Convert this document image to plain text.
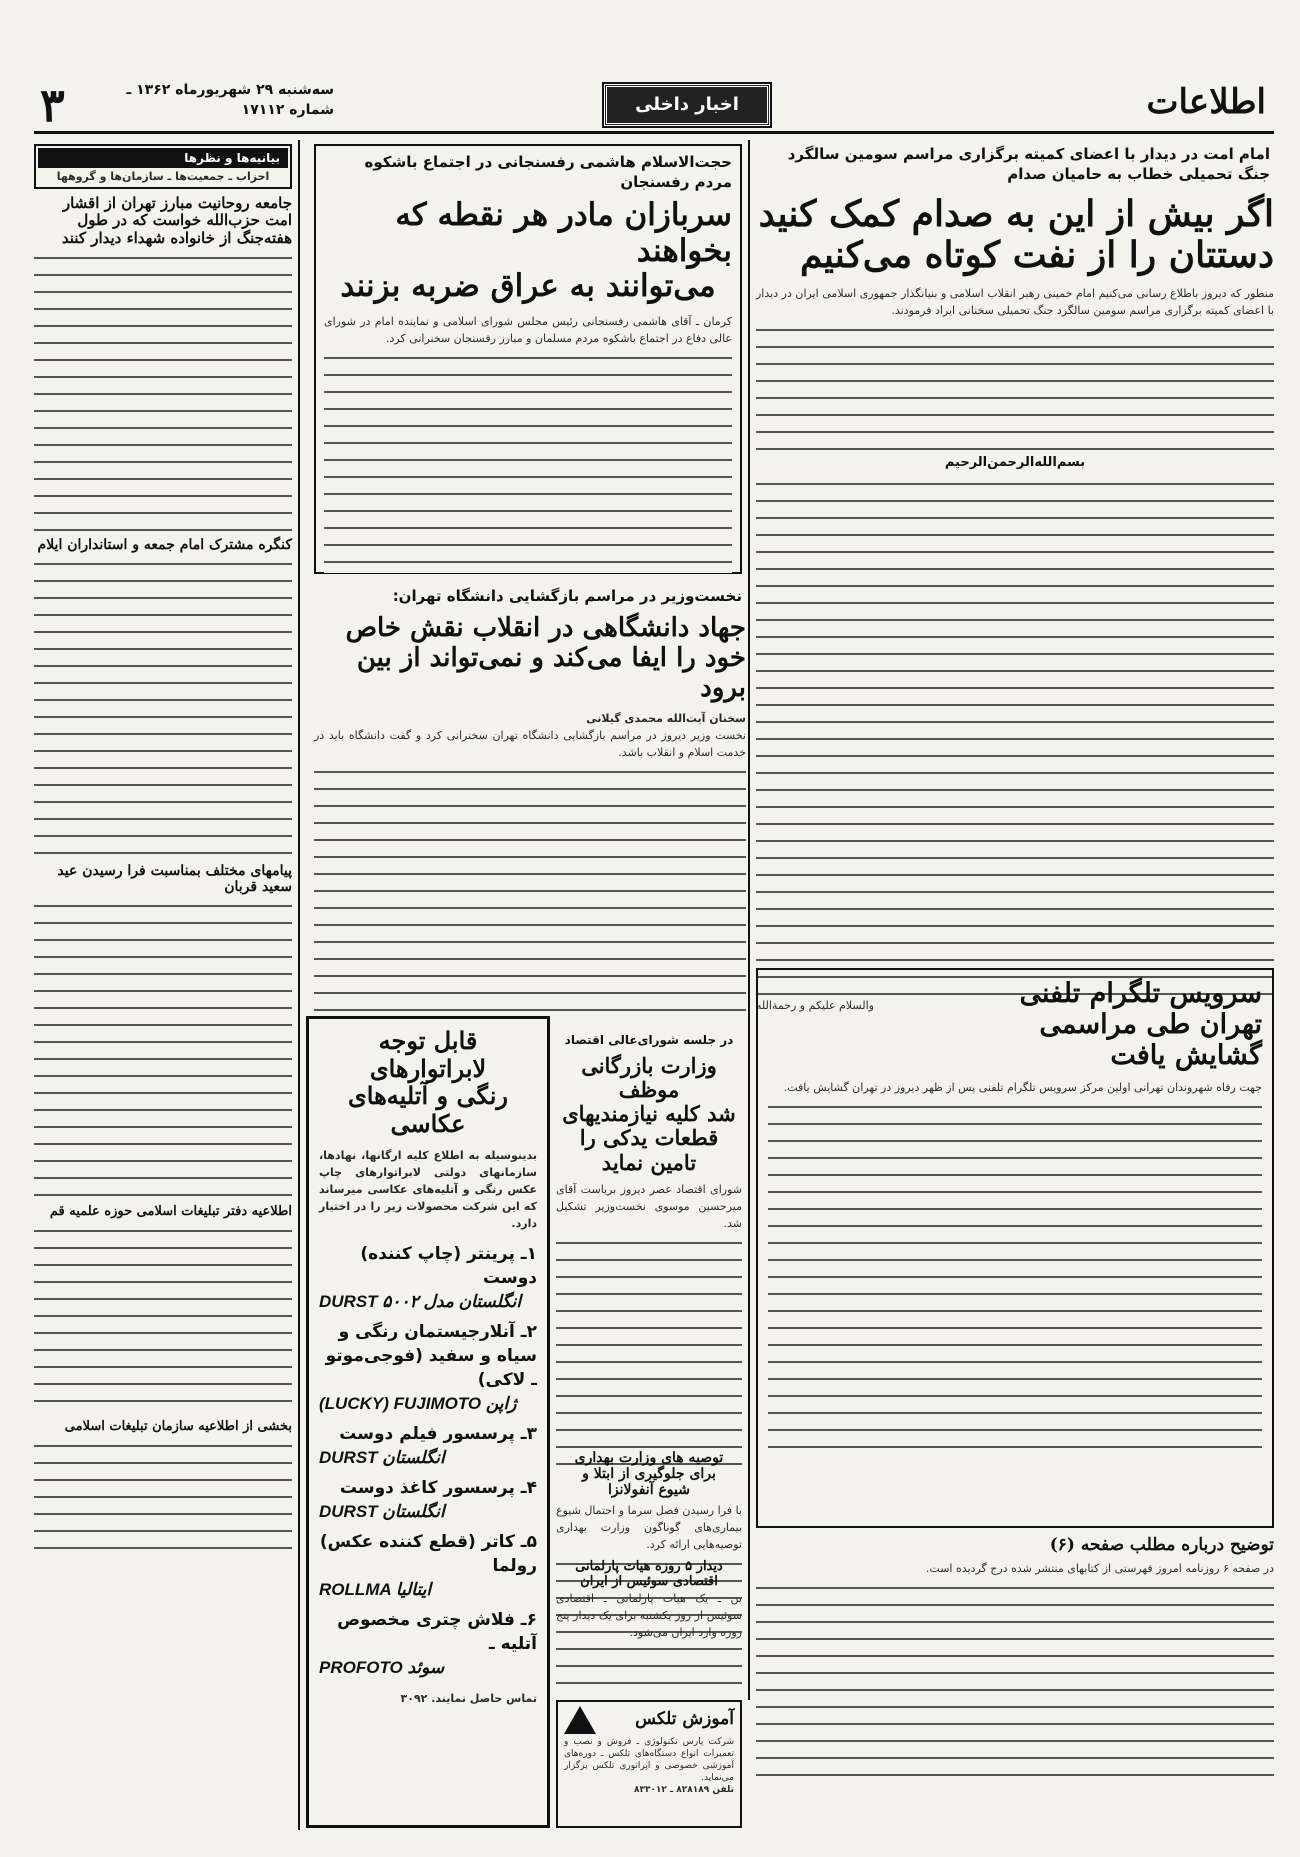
اطلاعات
اخبار داخلی
سه‌شنبه ۲۹ شهریورماه ۱۳۶۲ ـ شماره ۱۷۱۱۲
۳
امام امت در دیدار با اعضای کمیته برگزاری مراسم سومین سالگرد جنگ تحمیلی خطاب به حامیان صدام
اگر بیش از این به صدام کمک کنید
دستتان را از نفت کوتاه می‌کنیم
منطور که دیروز باطلاع رسانی می‌کنیم امام خمینی رهبر انقلاب اسلامی و بنیانگذار جمهوری اسلامی ایران در دیدار با اعضای کمیته برگزاری مراسم سومین سالگرد جنگ تحمیلی سخنانی ایراد فرمودند.
بسم‌الله‌الرحمن‌الرحیم
والسلام علیکم و رحمة‌الله
حجت‌الاسلام هاشمی رفسنجانی در اجتماع باشکوه مردم رفسنجان
سربازان مادر هر نقطه که بخواهند
می‌توانند به عراق ضربه بزنند
کرمان ـ آقای هاشمی رفسنجانی رئیس مجلس شورای اسلامی و نماینده امام در شورای عالی دفاع در اجتماع باشکوه مردم مسلمان و مبارز رفسنجان سخنرانی کرد.
نخست‌وزیر در مراسم بازگشایی دانشگاه تهران:
جهاد دانشگاهی در انقلاب نقش خاص
خود را ایفا می‌کند و نمی‌تواند از بین برود
سخنان آیت‌الله محمدی گیلانی
نخست وزیر دیروز در مراسم بازگشایی دانشگاه تهران سخنرانی کرد و گفت دانشگاه باید در خدمت اسلام و انقلاب باشد.
قابل توجه لابراتوارهای
رنگی و آتلیه‌های عکاسی
بدینوسیله به اطلاع کلیه ارگانها، نهادها، سازمانهای دولتی لابراتوارهای چاپ عکس رنگی و آتلیه‌های عکاسی میرساند که این شرکت محصولات زیر را در اختیار دارد.
۱ـ پرینتر (چاپ کننده) دوست
DURST انگلستان مدل ۵۰۰۲
۲ـ آنلارجیستمان رنگی و سیاه و سفید (فوجی‌موتو ـ لاکی)
(LUCKY) FUJIMOTO ژاپن
۳ـ پرسسور فیلم دوست
DURST انگلستان
۴ـ پرسسور کاغذ دوست
DURST انگلستان
۵ـ کاتر (قطع کننده عکس) رولما
ROLLMA ایتالیا
۶ـ فلاش چتری مخصوص آتلیه ـ
PROFOTO سوئد
تماس حاصل نمایند. ۳۰۹۲
در جلسه شورای‌عالی اقتصاد
وزارت بازرگانی موظف
شد کلیه نیازمندیهای
قطعات یدکی را
تامین نماید
شورای اقتصاد عصر دیروز بریاست آقای میرحسین موسوی نخست‌وزیر تشکیل شد.
توصیه های وزارت بهداری
برای جلوگیری از ابتلا و
شیوع آنفولانزا
با فرا رسیدن فصل سرما و احتمال شیوع بیماری‌های گوناگون وزارت بهداری توصیه‌هایی ارائه کرد.
سرویس تلگرام تلفنی
تهران طی مراسمی
گشایش یافت
جهت رفاه شهروندان تهرانی اولین مرکز سرویس تلگرام تلفنی پس از ظهر دیروز در تهران گشایش یافت.
توضیح درباره مطلب صفحه (۶)
در صفحه ۶ روزنامه امروز فهرستی از کتابهای منتشر شده درج گردیده است.
دیدار ۵ روزه هیات پارلمانی
اقتصادی سوئیس از ایران
بن ـ یک هیات پارلمانی ـ اقتصادی سوئیس از روز یکشنبه برای یک دیدار پنج روزه وارد ایران می‌شود.
آموزش تلکس
شرکت پارس تکنولوژی ـ فروش و نصب و تعمیرات انواع دستگاه‌های تلکس ـ دوره‌های آموزشی خصوصی و اپراتوری تلکس برگزار می‌نماید.
تلفن ۸۲۸۱۸۹ ـ ۸۳۳۰۱۲
بیانیه‌ها و نظرها
احزاب ـ جمعیت‌ها ـ سازمان‌ها و گروهها
جامعه روحانیت مبارز تهران از اقشار امت حزب‌الله خواست که در طول هفته‌جنگ از خانواده شهداء دیدار کنند
کنگره مشترک امام جمعه و استانداران ایلام
پیامهای مختلف بمناسبت فرا رسیدن عید سعید قربان
اطلاعیه دفتر تبلیغات اسلامی حوزه علمیه قم
بخشی از اطلاعیه سازمان تبلیغات اسلامی
